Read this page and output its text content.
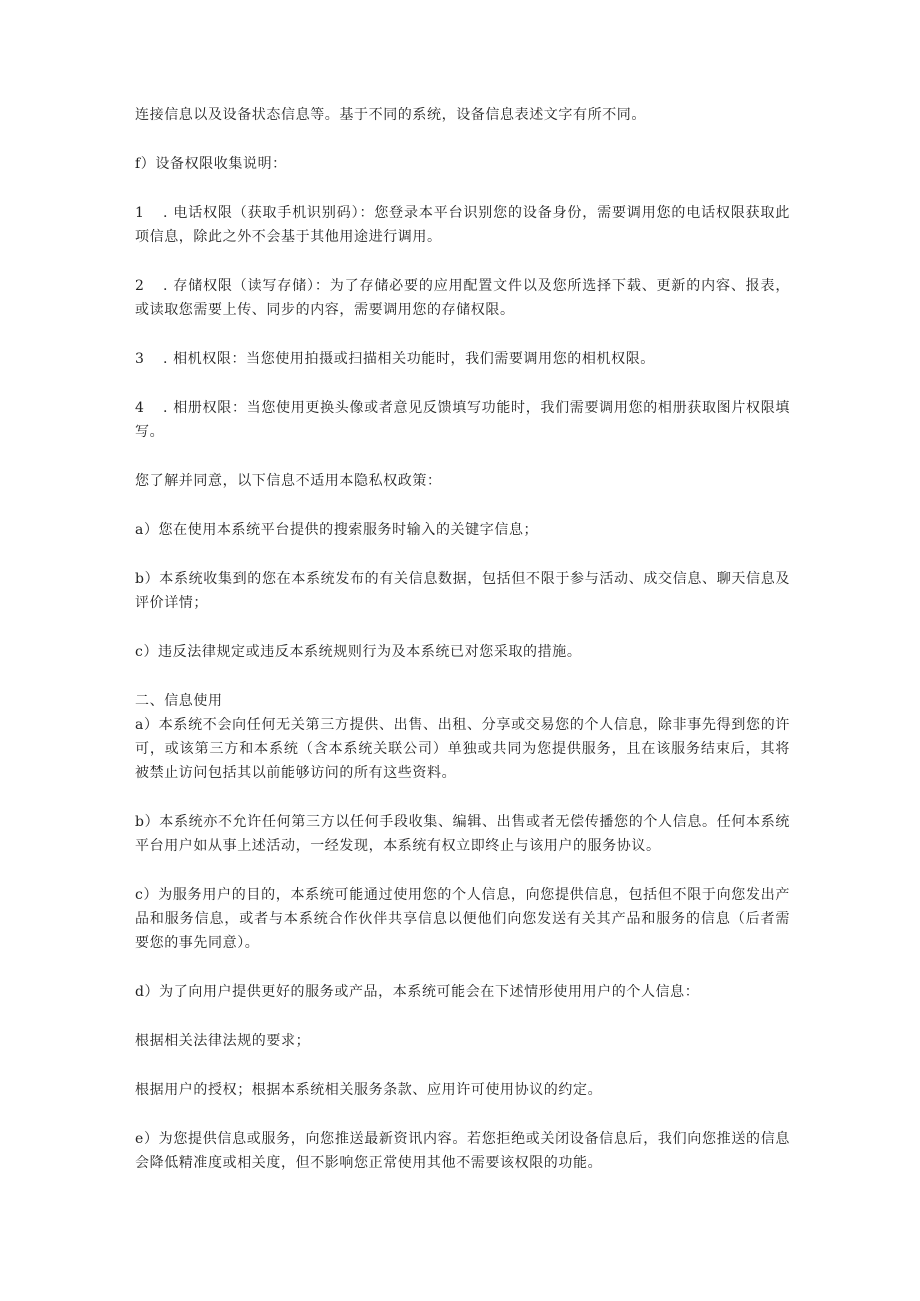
连接信息以及设备状态信息等。基于不同的系统，设备信息表述文字有所不同。

f）设备权限收集说明：

1 . 电话权限（获取手机识别码）：您登录本平台识别您的设备身份，需要调用您的电话权限获取此项信息，除此之外不会基于其他用途进行调用。

2 . 存储权限（读写存储）：为了存储必要的应用配置文件以及您所选择下载、更新的内容、报表，或读取您需要上传、同步的内容，需要调用您的存储权限。

3 . 相机权限：当您使用拍摄或扫描相关功能时，我们需要调用您的相机权限。

4 . 相册权限：当您使用更换头像或者意见反馈填写功能时，我们需要调用您的相册获取图片权限填写。

您了解并同意，以下信息不适用本隐私权政策：

a）您在使用本系统平台提供的搜索服务时输入的关键字信息；

b）本系统收集到的您在本系统发布的有关信息数据，包括但不限于参与活动、成交信息、聊天信息及评价详情；

c）违反法律规定或违反本系统规则行为及本系统已对您采取的措施。

二、信息使用

a）本系统不会向任何无关第三方提供、出售、出租、分享或交易您的个人信息，除非事先得到您的许可，或该第三方和本系统（含本系统关联公司）单独或共同为您提供服务，且在该服务结束后，其将被禁止访问包括其以前能够访问的所有这些资料。

b）本系统亦不允许任何第三方以任何手段收集、编辑、出售或者无偿传播您的个人信息。任何本系统平台用户如从事上述活动，一经发现，本系统有权立即终止与该用户的服务协议。

c）为服务用户的目的，本系统可能通过使用您的个人信息，向您提供信息，包括但不限于向您发出产品和服务信息，或者与本系统合作伙伴共享信息以便他们向您发送有关其产品和服务的信息（后者需要您的事先同意）。

d）为了向用户提供更好的服务或产品，本系统可能会在下述情形使用用户的个人信息：

根据相关法律法规的要求；

根据用户的授权；根据本系统相关服务条款、应用许可使用协议的约定。

e）为您提供信息或服务，向您推送最新资讯内容。若您拒绝或关闭设备信息后，我们向您推送的信息会降低精准度或相关度，但不影响您正常使用其他不需要该权限的功能。
